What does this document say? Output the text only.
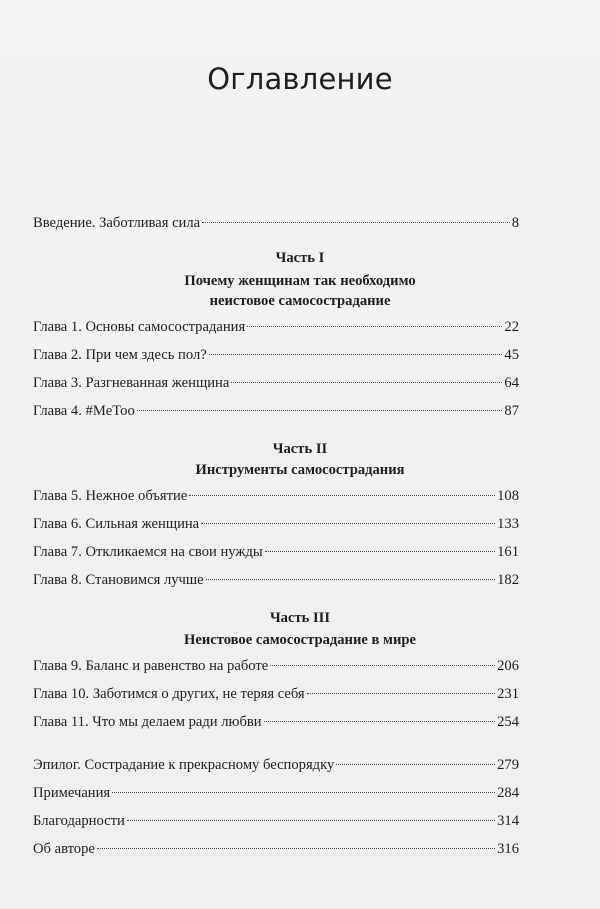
Оглавление
Введение. Заботливая сила	8
Часть I
Почему женщинам так необходимо
неистовое самосострадание
Глава 1. Основы самосострадания	22
Глава 2. При чем здесь пол?	45
Глава 3. Разгневанная женщина	64
Глава 4. #MeToo	87
Часть II
Инструменты самосострадания
Глава 5. Нежное объятие	108
Глава 6. Сильная женщина	133
Глава 7. Откликаемся на свои нужды	161
Глава 8. Становимся лучше	182
Часть III
Неистовое самосострадание в мире
Глава 9. Баланс и равенство на работе	206
Глава 10. Заботимся о других, не теряя себя	231
Глава 11. Что мы делаем ради любви	254
Эпилог. Сострадание к прекрасному беспорядку	279
Примечания	284
Благодарности	314
Об авторе	316
